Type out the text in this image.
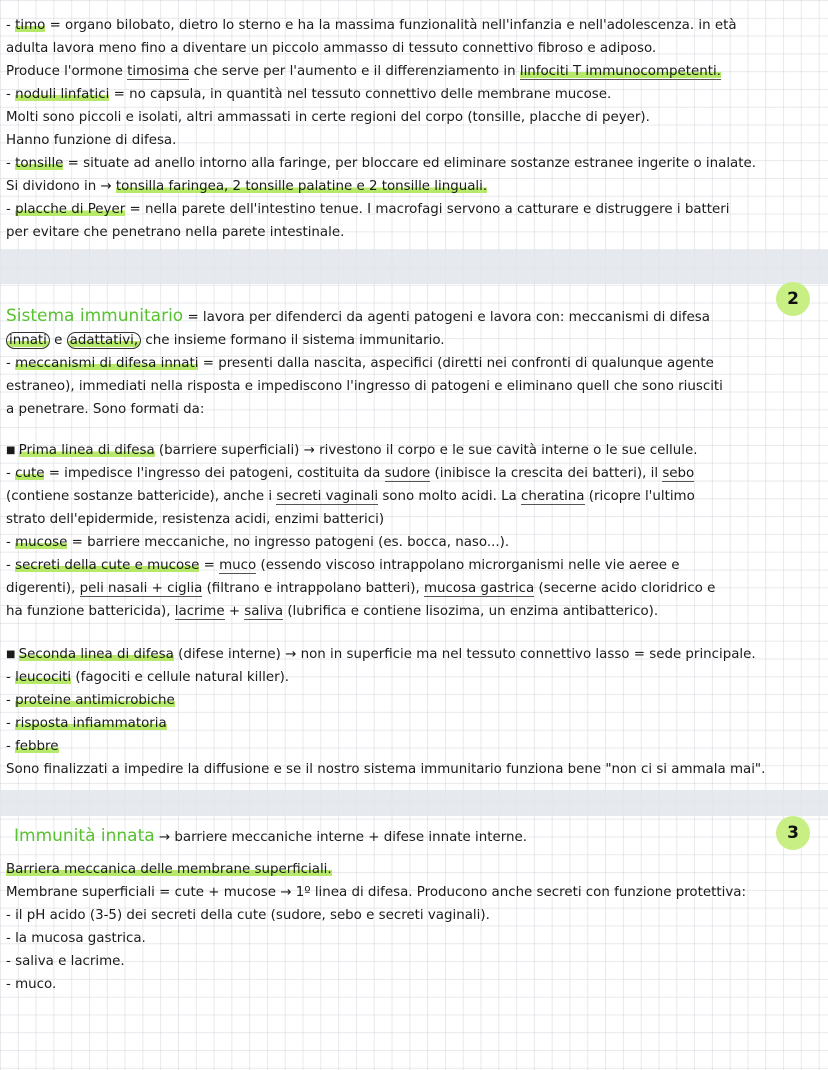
- timo = organo bilobato, dietro lo sterno e ha la massima funzionalità nell'infanzia e nell'adolescenza. in età
adulta lavora meno fino a diventare un piccolo ammasso di tessuto connettivo fibroso e adiposo.
Produce l'ormone timosima che serve per l'aumento e il differenziamento in linfociti T immunocompetenti.
- noduli linfatici = no capsula, in quantità nel tessuto connettivo delle membrane mucose.
Molti sono piccoli e isolati, altri ammassati in certe regioni del corpo (tonsille, placche di peyer).
Hanno funzione di difesa.
- tonsille = situate ad anello intorno alla faringe, per bloccare ed eliminare sostanze estranee ingerite o inalate.
Si dividono in → tonsilla faringea, 2 tonsille palatine e 2 tonsille linguali.
- placche di Peyer = nella parete dell'intestino tenue. I macrofagi servono a catturare e distruggere i batteri
per evitare che penetrano nella parete intestinale.
2
Sistema immunitario = lavora per difenderci da agenti patogeni e lavora con: meccanismi di difesa
innati e adattativi, che insieme formano il sistema immunitario.
- meccanismi di difesa innati = presenti dalla nascita, aspecifici (diretti nei confronti di qualunque agente
estraneo), immediati nella risposta e impediscono l'ingresso di patogeni e eliminano quell che sono riusciti
a penetrare. Sono formati da:
■ Prima linea di difesa (barriere superficiali) → rivestono il corpo e le sue cavità interne o le sue cellule.
- cute = impedisce l'ingresso dei patogeni, costituita da sudore (inibisce la crescita dei batteri), il sebo
(contiene sostanze battericide), anche i secreti vaginali sono molto acidi. La cheratina (ricopre l'ultimo
strato dell'epidermide, resistenza acidi, enzimi batterici)
- mucose = barriere meccaniche, no ingresso patogeni (es. bocca, naso...).
- secreti della cute e mucose = muco (essendo viscoso intrappolano microrganismi nelle vie aeree e
digerenti), peli nasali + ciglia (filtrano e intrappolano batteri), mucosa gastrica (secerne acido cloridrico e
ha funzione battericida), lacrime + saliva (lubrifica e contiene lisozima, un enzima antibatterico).
■ Seconda linea di difesa (difese interne) → non in superficie ma nel tessuto connettivo lasso = sede principale.
- leucociti (fagociti e cellule natural killer).
- proteine antimicrobiche
- risposta infiammatoria
- febbre
Sono finalizzati a impedire la diffusione e se il nostro sistema immunitario funziona bene "non ci si ammala mai".
3
Immunità innata → barriere meccaniche interne + difese innate interne.
Barriera meccanica delle membrane superficiali.
Membrane superficiali = cute + mucose → 1º linea di difesa. Producono anche secreti con funzione protettiva:
- il pH acido (3-5) dei secreti della cute (sudore, sebo e secreti vaginali).
- la mucosa gastrica.
- saliva e lacrime.
- muco.
